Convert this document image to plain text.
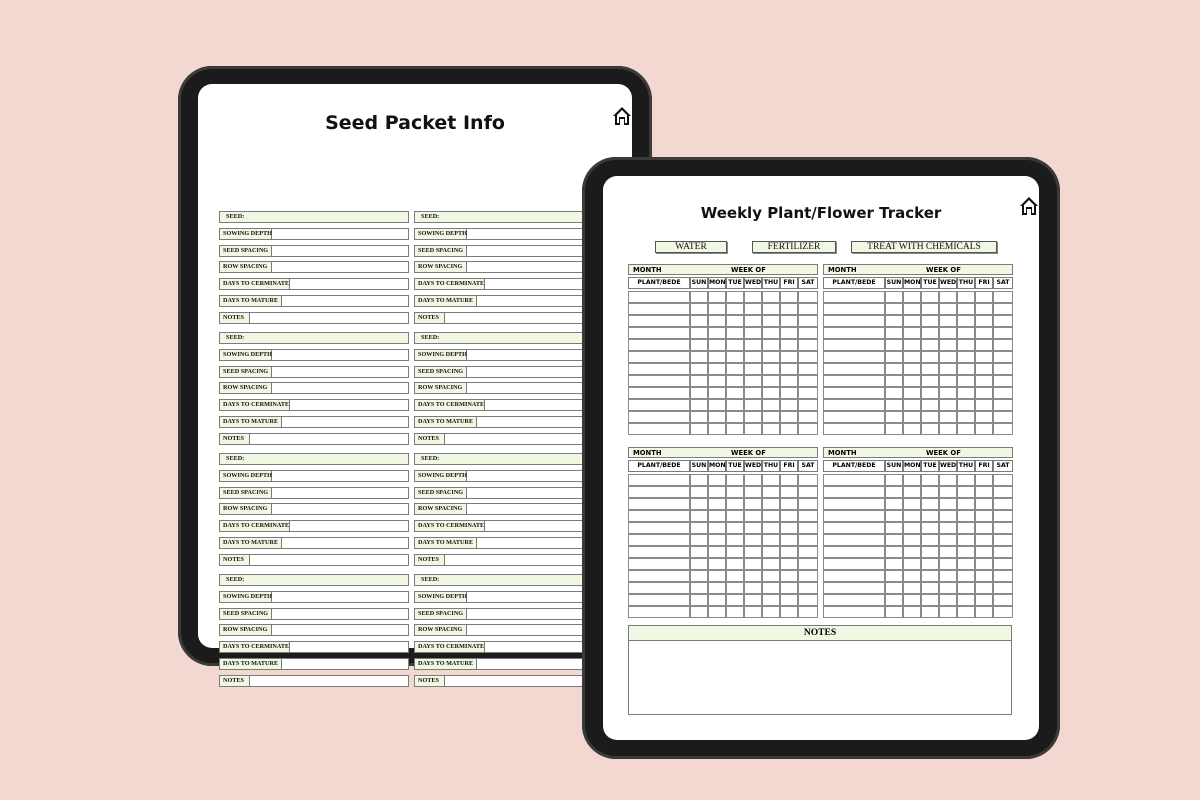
Seed Packet Info
SEED:
SOWING DEPTH
SEED SPACING
ROW SPACING
DAYS TO CERMINATE
DAYS TO MATURE
NOTES
SEED:
SOWING DEPTH
SEED SPACING
ROW SPACING
DAYS TO CERMINATE
DAYS TO MATURE
NOTES
SEED:
SOWING DEPTH
SEED SPACING
ROW SPACING
DAYS TO CERMINATE
DAYS TO MATURE
NOTES
SEED:
SOWING DEPTH
SEED SPACING
ROW SPACING
DAYS TO CERMINATE
DAYS TO MATURE
NOTES
SEED:
SOWING DEPTH
SEED SPACING
ROW SPACING
DAYS TO CERMINATE
DAYS TO MATURE
NOTES
SEED:
SOWING DEPTH
SEED SPACING
ROW SPACING
DAYS TO CERMINATE
DAYS TO MATURE
NOTES
SEED:
SOWING DEPTH
SEED SPACING
ROW SPACING
DAYS TO CERMINATE
DAYS TO MATURE
NOTES
SEED:
SOWING DEPTH
SEED SPACING
ROW SPACING
DAYS TO CERMINATE
DAYS TO MATURE
NOTES
Weekly Plant/Flower Tracker
WATER	FERTILIZER	TREAT WITH CHEMICALS
MONTH	WEEK OF
PLANT/BEDE	SUN MON TUE WED THU FRI	SAT
MONTH	WEEK OF
PLANT/BEDE	SUN MON TUE WED THU FRI	SAT
MONTH	WEEK OF
PLANT/BEDE	SUN MON TUE WED THU FRI	SAT
MONTH	WEEK OF
PLANT/BEDE	SUN MON TUE WED THU FRI	SAT
NOTES
